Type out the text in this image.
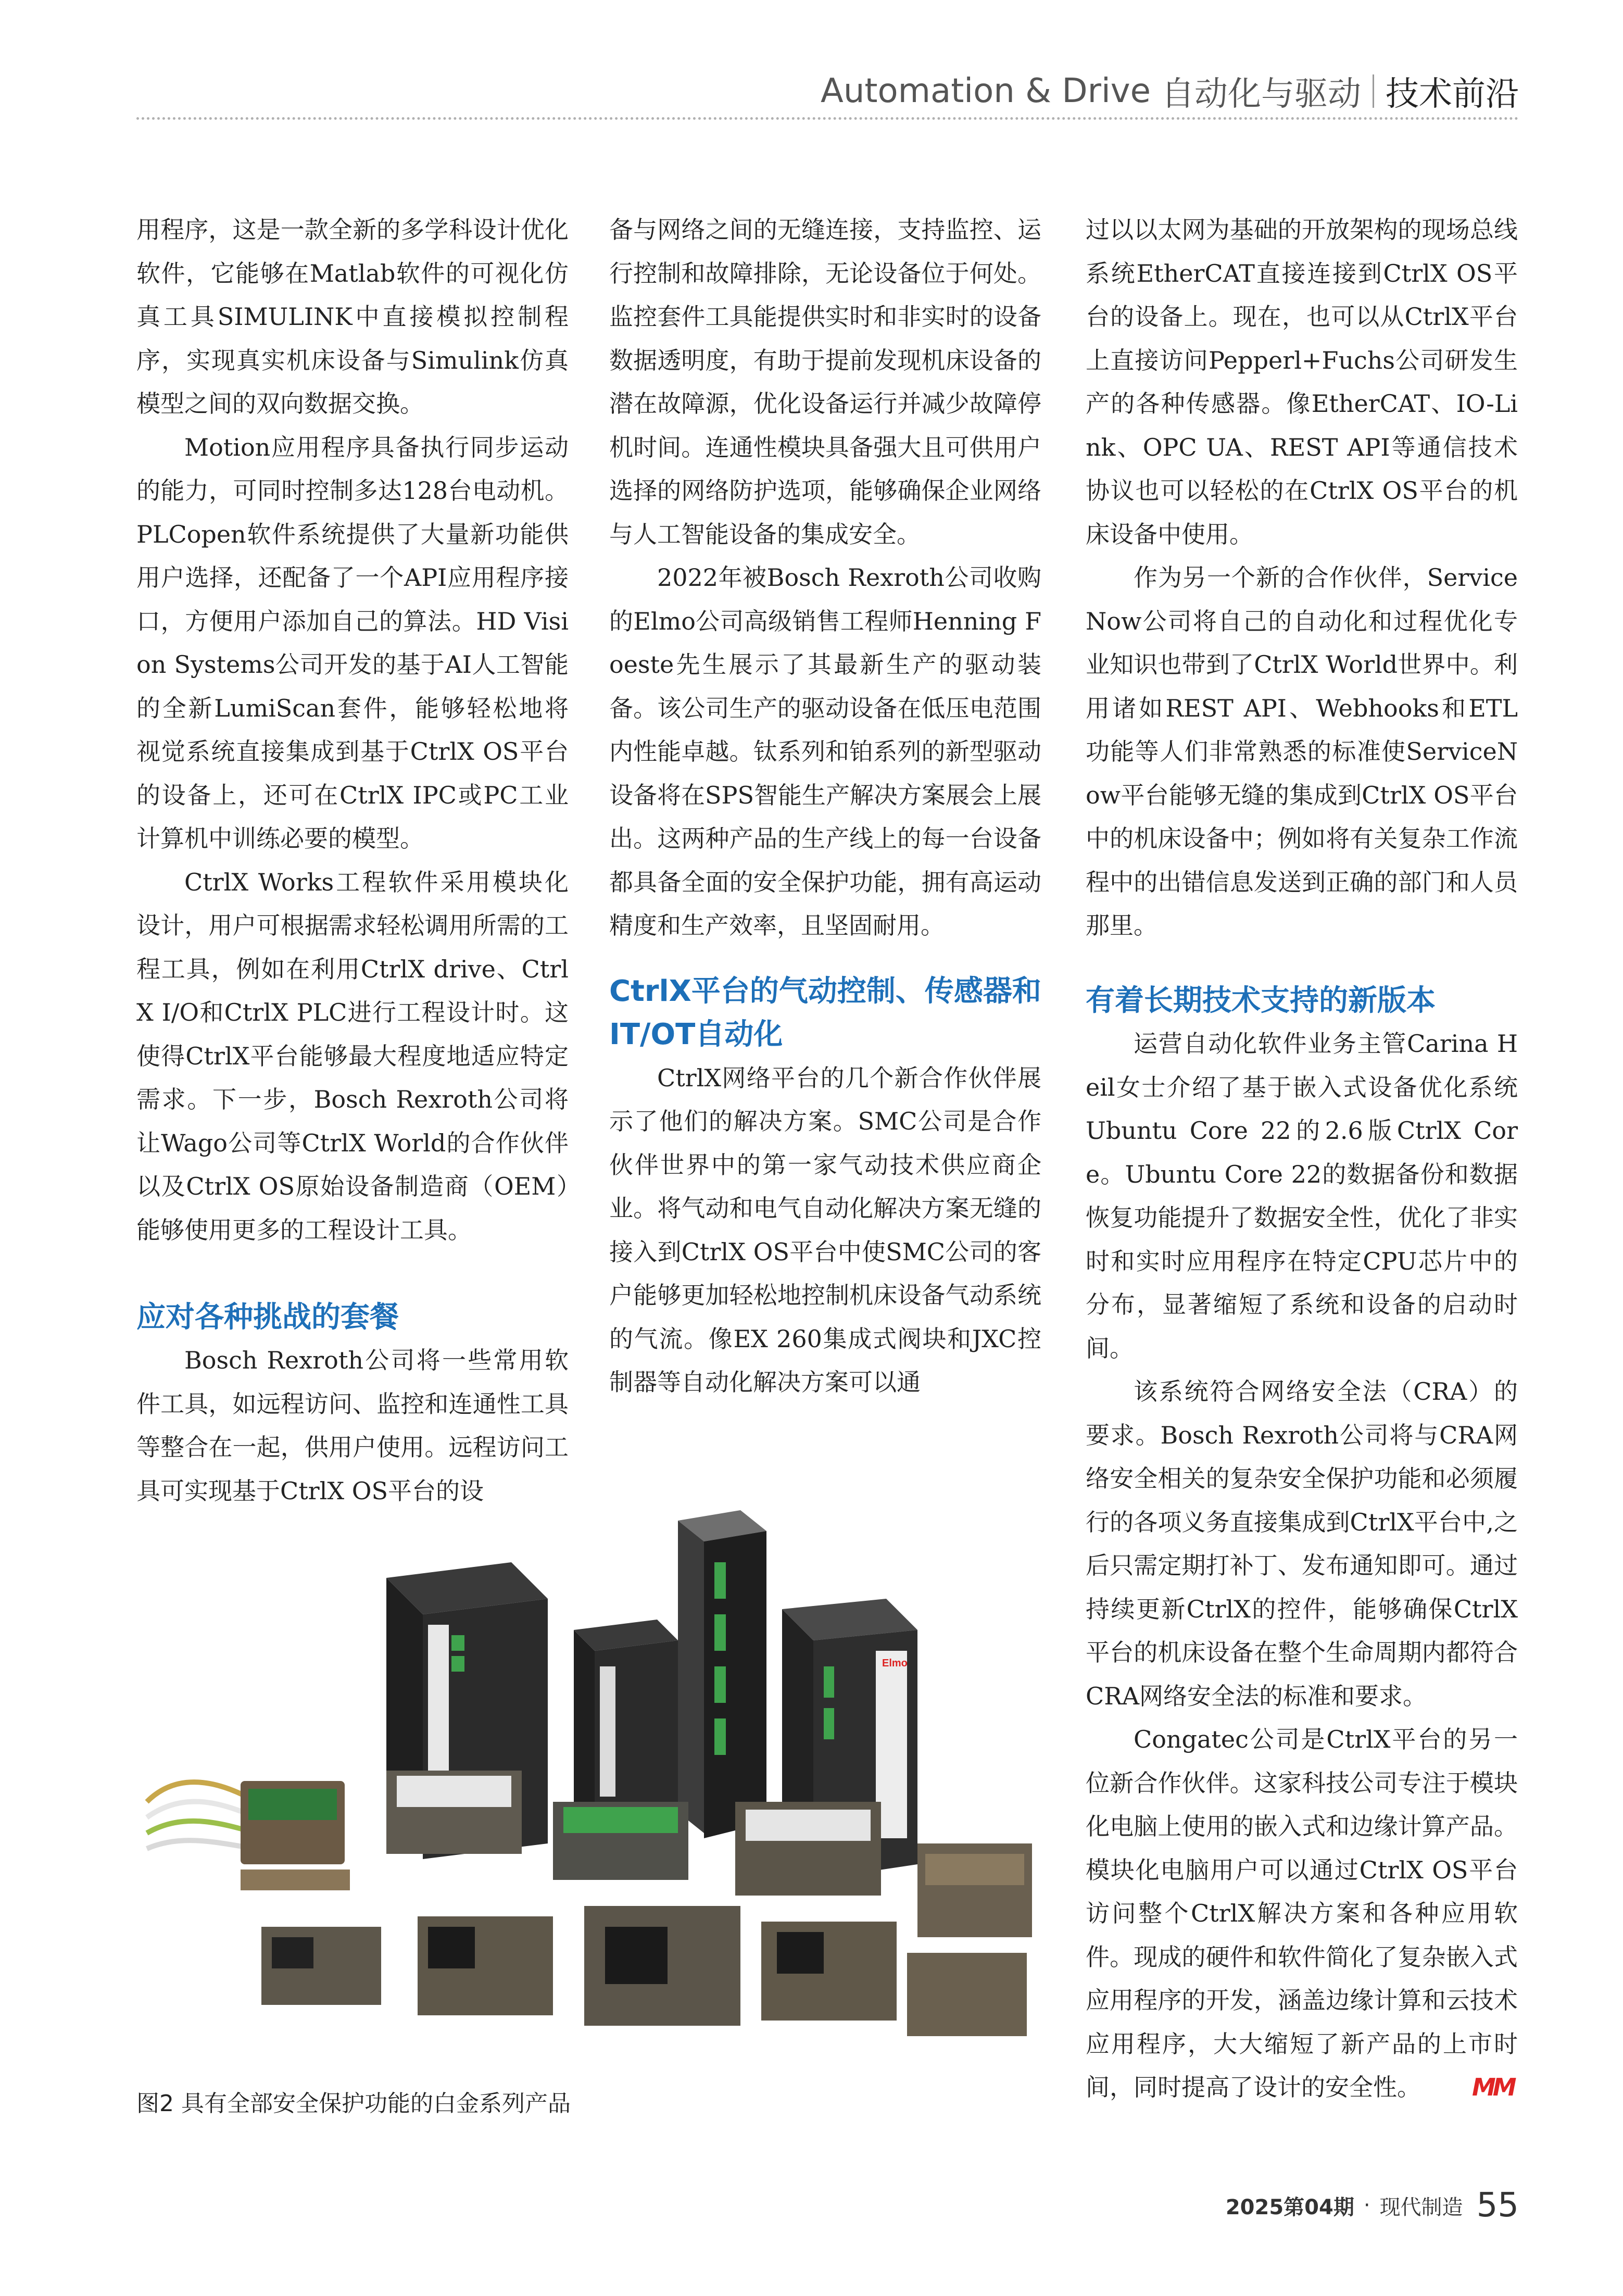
Automation & Drive 自动化与驱动 技术前沿

用程序，这是一款全新的多学科设计优化软件，它能够在Matlab软件的可视化仿真工具SIMULINK中直接模拟控制程序，实现真实机床设备与Simulink仿真模型之间的双向数据交换。

Motion应用程序具备执行同步运动的能力，可同时控制多达128台电动机。PLCopen软件系统提供了大量新功能供用户选择，还配备了一个API应用程序接口，方便用户添加自己的算法。HD Vision Systems公司开发的基于AI人工智能的全新LumiScan套件，能够轻松地将视觉系统直接集成到基于CtrlX OS平台的设备上，还可在CtrlX IPC或PC工业计算机中训练必要的模型。

CtrlX Works工程软件采用模块化设计，用户可根据需求轻松调用所需的工程工具，例如在利用CtrlX drive、CtrlX I/O和CtrlX PLC进行工程设计时。这使得CtrlX平台能够最大程度地适应特定需求。下一步，Bosch Rexroth公司将让Wago公司等CtrlX World的合作伙伴以及CtrlX OS原始设备制造商（OEM）能够使用更多的工程设计工具。

应对各种挑战的套餐

Bosch Rexroth公司将一些常用软件工具，如远程访问、监控和连通性工具等整合在一起，供用户使用。远程访问工具可实现基于CtrlX OS平台的设

备与网络之间的无缝连接，支持监控、运行控制和故障排除，无论设备位于何处。监控套件工具能提供实时和非实时的设备数据透明度，有助于提前发现机床设备的潜在故障源，优化设备运行并减少故障停机时间。连通性模块具备强大且可供用户选择的网络防护选项，能够确保企业网络与人工智能设备的集成安全。

2022年被Bosch Rexroth公司收购的Elmo公司高级销售工程师Henning Foeste先生展示了其最新生产的驱动装备。该公司生产的驱动设备在低压电范围内性能卓越。钛系列和铂系列的新型驱动设备将在SPS智能生产解决方案展会上展出。这两种产品的生产线上的每一台设备都具备全面的安全保护功能，拥有高运动精度和生产效率，且坚固耐用。

CtrlX平台的气动控制、传感器和IT/OT自动化

CtrlX网络平台的几个新合作伙伴展示了他们的解决方案。SMC公司是合作伙伴世界中的第一家气动技术供应商企业。将气动和电气自动化解决方案无缝的接入到CtrlX OS平台中使SMC公司的客户能够更加轻松地控制机床设备气动系统的气流。像EX 260集成式阀块和JXC控制器等自动化解决方案可以通

过以以太网为基础的开放架构的现场总线系统EtherCAT直接连接到CtrlX OS平台的设备上。现在，也可以从CtrlX平台上直接访问Pepperl+Fuchs公司研发生产的各种传感器。像EtherCAT、IO-Link、OPC UA、REST API等通信技术协议也可以轻松的在CtrlX OS平台的机床设备中使用。

作为另一个新的合作伙伴，ServiceNow公司将自己的自动化和过程优化专业知识也带到了CtrlX World世界中。利用诸如REST API、Webhooks和ETL功能等人们非常熟悉的标准使ServiceNow平台能够无缝的集成到CtrlX OS平台中的机床设备中；例如将有关复杂工作流程中的出错信息发送到正确的部门和人员那里。

有着长期技术支持的新版本

运营自动化软件业务主管Carina Heil女士介绍了基于嵌入式设备优化系统Ubuntu Core 22的2.6版CtrlX Core。Ubuntu Core 22的数据备份和数据恢复功能提升了数据安全性，优化了非实时和实时应用程序在特定CPU芯片中的分布，显著缩短了系统和设备的启动时间。

该系统符合网络安全法（CRA）的要求。Bosch Rexroth公司将与CRA网络安全相关的复杂安全保护功能和必须履行的各项义务直接集成到CtrlX平台中,之后只需定期打补丁、发布通知即可。通过持续更新CtrlX的控件，能够确保CtrlX平台的机床设备在整个生命周期内都符合CRA网络安全法的标准和要求。

Congatec公司是CtrlX平台的另一位新合作伙伴。这家科技公司专注于模块化电脑上使用的嵌入式和边缘计算产品。模块化电脑用户可以通过CtrlX OS平台访问整个CtrlX解决方案和各种应用软件。现成的硬件和软件简化了复杂嵌入式应用程序的开发，涵盖边缘计算和云技术应用程序，大大缩短了新产品的上市时间，同时提高了设计的安全性。 MM

Elmo
图2 具有全部安全保护功能的白金系列产品
2025第04期 · 现代制造 55
